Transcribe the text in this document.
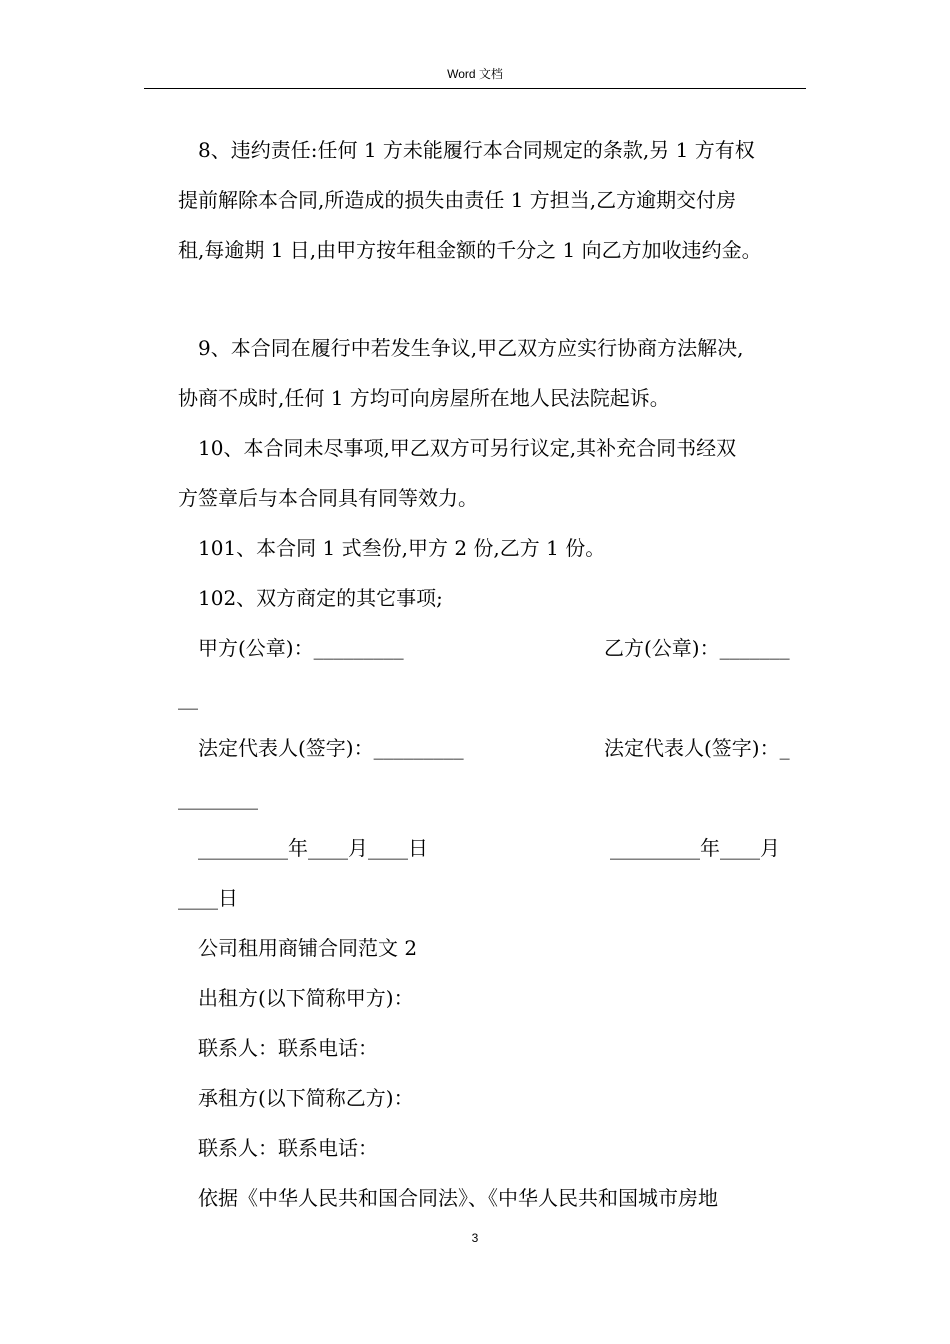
Word 文档
8、违约责任:任何 1 方未能履行本合同规定的条款,另 1 方有权
提前解除本合同,所造成的损失由责任 1 方担当,乙方逾期交付房
租,每逾期 1 日,由甲方按年租金额的千分之 1 向乙方加收违约金。
9、本合同在履行中若发生争议,甲乙双方应实行协商方法解决,
协商不成时,任何 1 方均可向房屋所在地人民法院起诉。
10、本合同未尽事项,甲乙双方可另行议定,其补充合同书经双
方签章后与本合同具有同等效力。
101、本合同 1 式叁份,甲方 2 份,乙方 1 份。
102、双方商定的其它事项;
甲方(公章)：_________	乙方(公章)：_______
__
法定代表人(签字)：_________	法定代表人(签字)：_
________
_________年____月____日	_________年____月
____日
公司租用商铺合同范文 2
出租方(以下简称甲方)：
联系人：联系电话：
承租方(以下简称乙方)：
联系人：联系电话：
依据《中华人民共和国合同法》、《中华人民共和国城市房地
3
